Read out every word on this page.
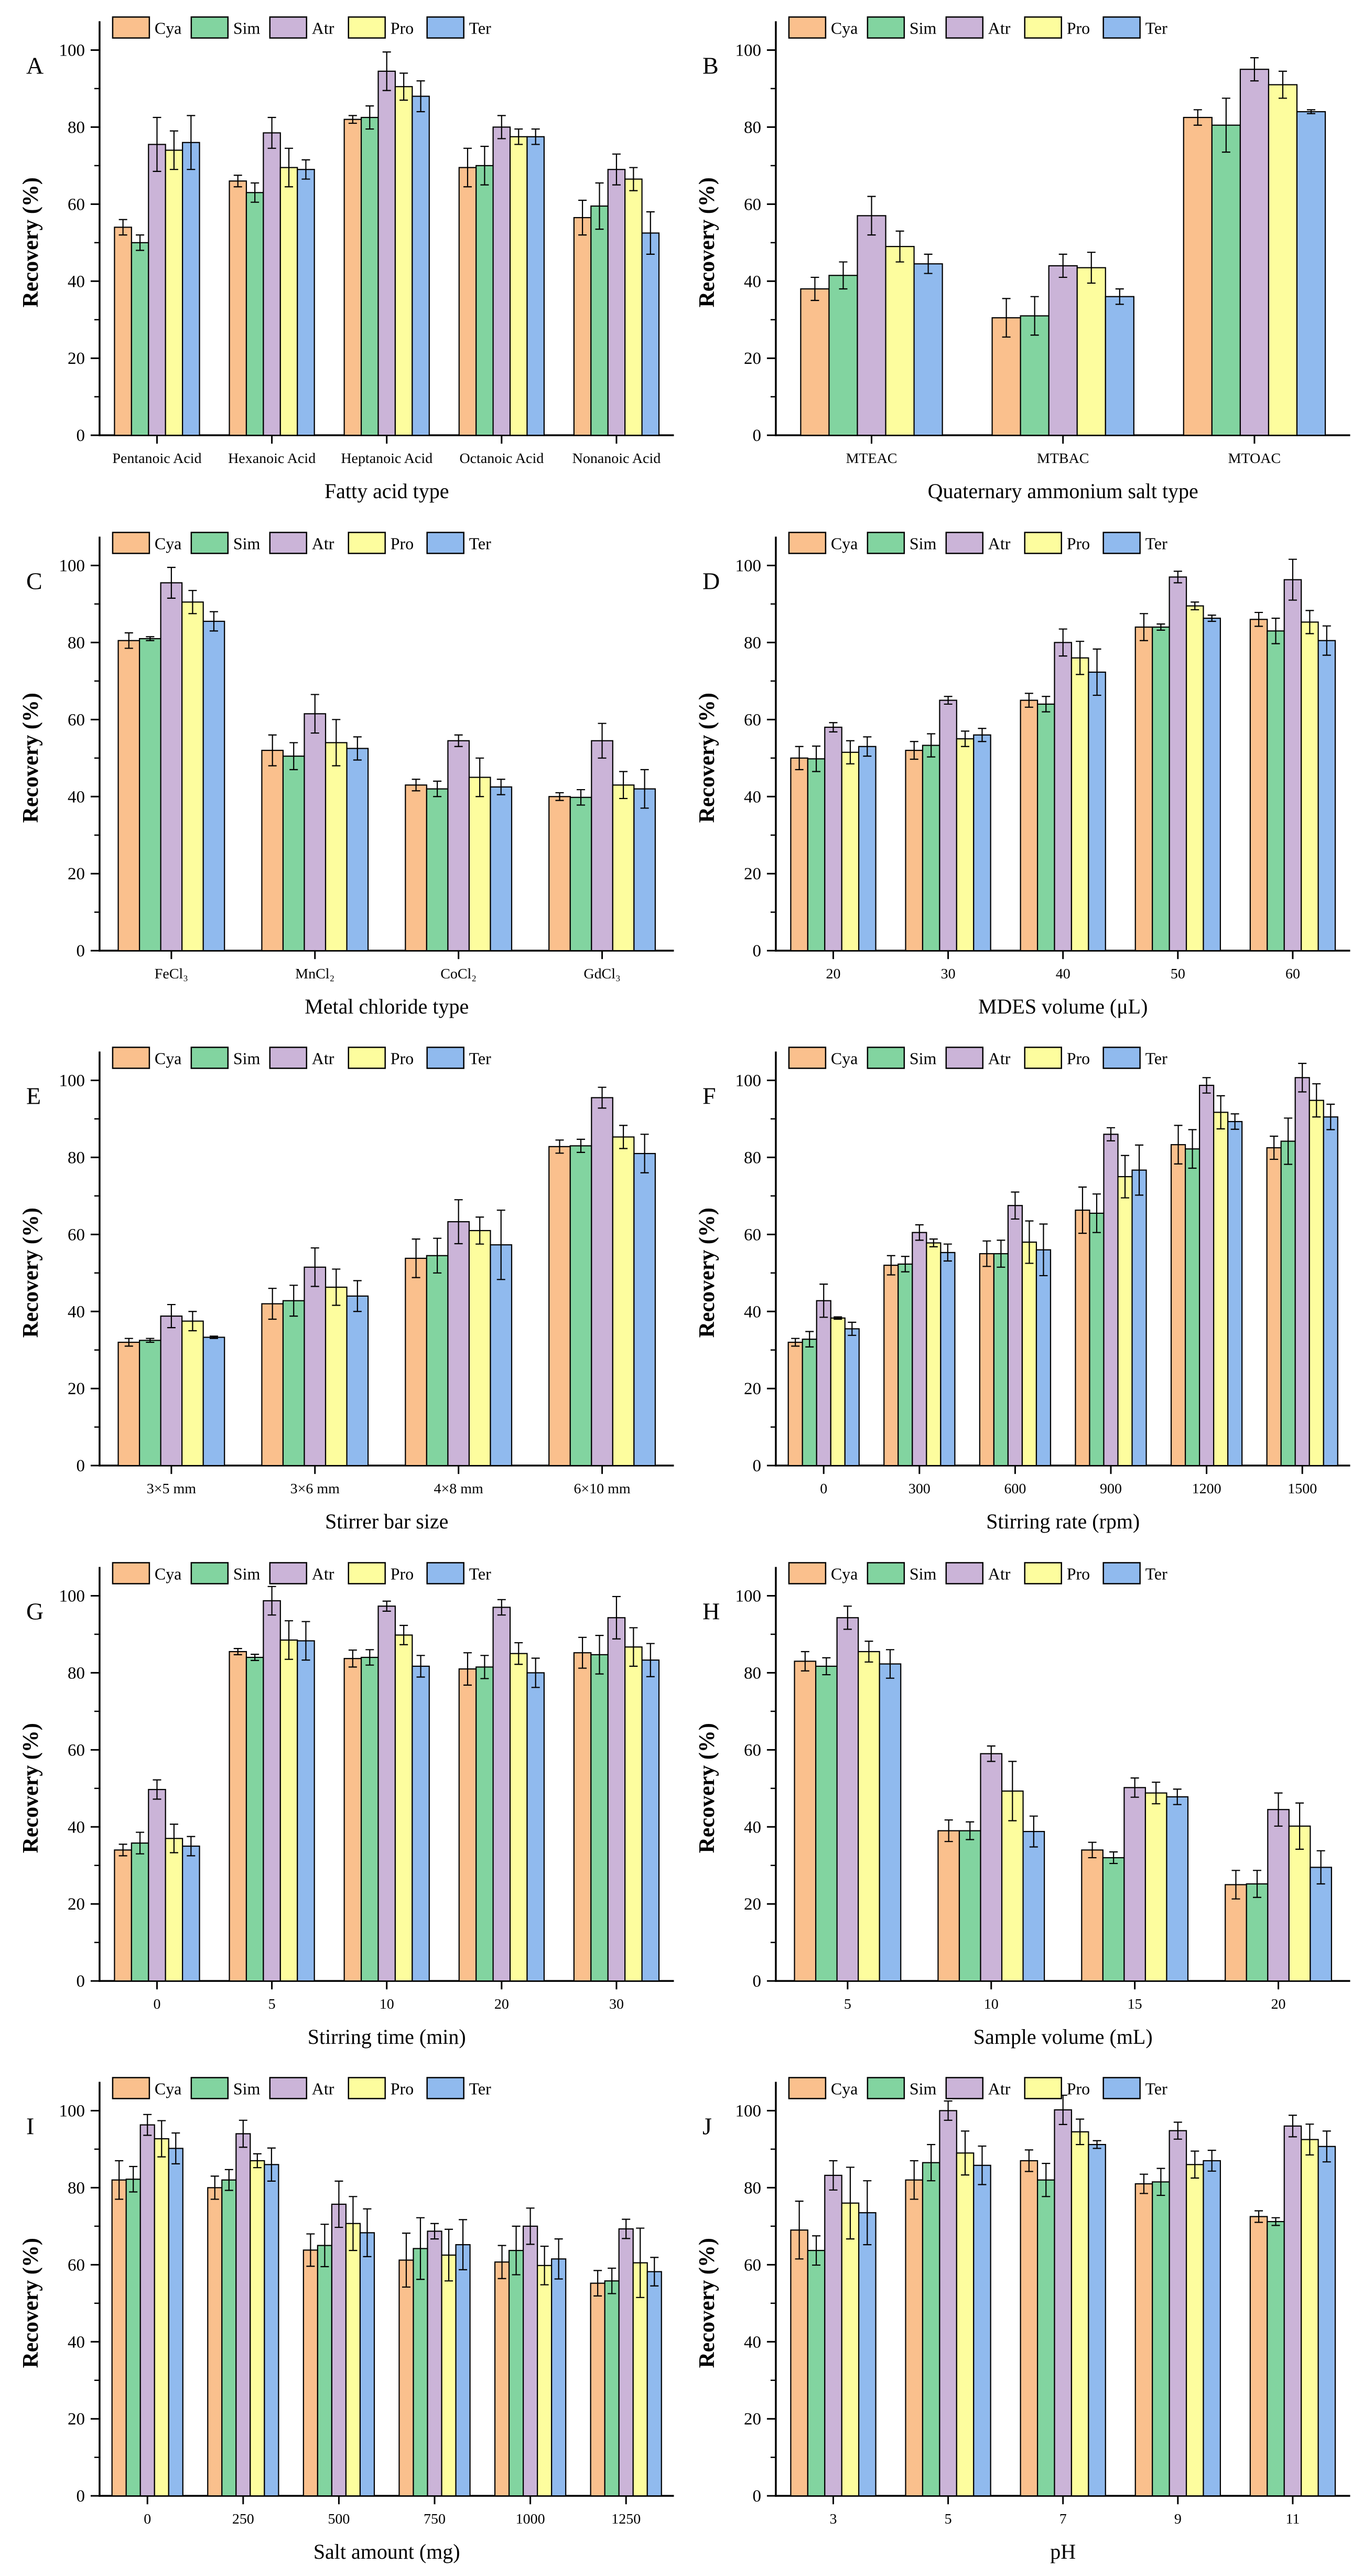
0
20
40
60
80
100
Pentanoic Acid Hexanoic Acid Heptanoic Acid Octanoic Acid Nonanoic Acid
Cya	Sim	Atr	Pro	Ter
A
Fatty acid type
Recovery (%)
0
20
40
60
80
100
MTEAC	MTBAC	MTOAC
Cya	Sim	Atr	Pro	Ter
B
Quaternary ammonium salt type
Recovery (%)
0
20
40
60
80
100
FeCl₃	MnCl₂	CoCl₂	GdCl₃
Cya	Sim	Atr	Pro	Ter
C
Metal chloride type
Recovery (%)
0
20
40
60
80
100
20	30	40	50	60
Cya	Sim	Atr	Pro	Ter
D
MDES volume (μL)
Recovery (%)
0
20
40
60
80
100
3×5 mm	3×6 mm	4×8 mm	6×10 mm
Cya	Sim	Atr	Pro	Ter
E
Stirrer bar size
Recovery (%)
0
20
40
60
80
100
0	300	600	900	1200	1500
Cya	Sim	Atr	Pro	Ter
F
Stirring rate (rpm)
Recovery (%)
0
20
40
60
80
100
0	5	10	20	30
Cya	Sim	Atr	Pro	Ter
G
Stirring time (min)
Recovery (%)
0
20
40
60
80
100
5	10	15	20
Cya	Sim	Atr	Pro	Ter
H
Sample volume (mL)
Recovery (%)
0
20
40
60
80
100
0	250	500	750	1000	1250
Cya	Sim	Atr	Pro	Ter
I
Salt amount (mg)
Recovery (%)
0
20
40
60
80
100
3	5	7	9	11
Cya	Sim	Atr	Pro	Ter
J
pH
Recovery (%)
